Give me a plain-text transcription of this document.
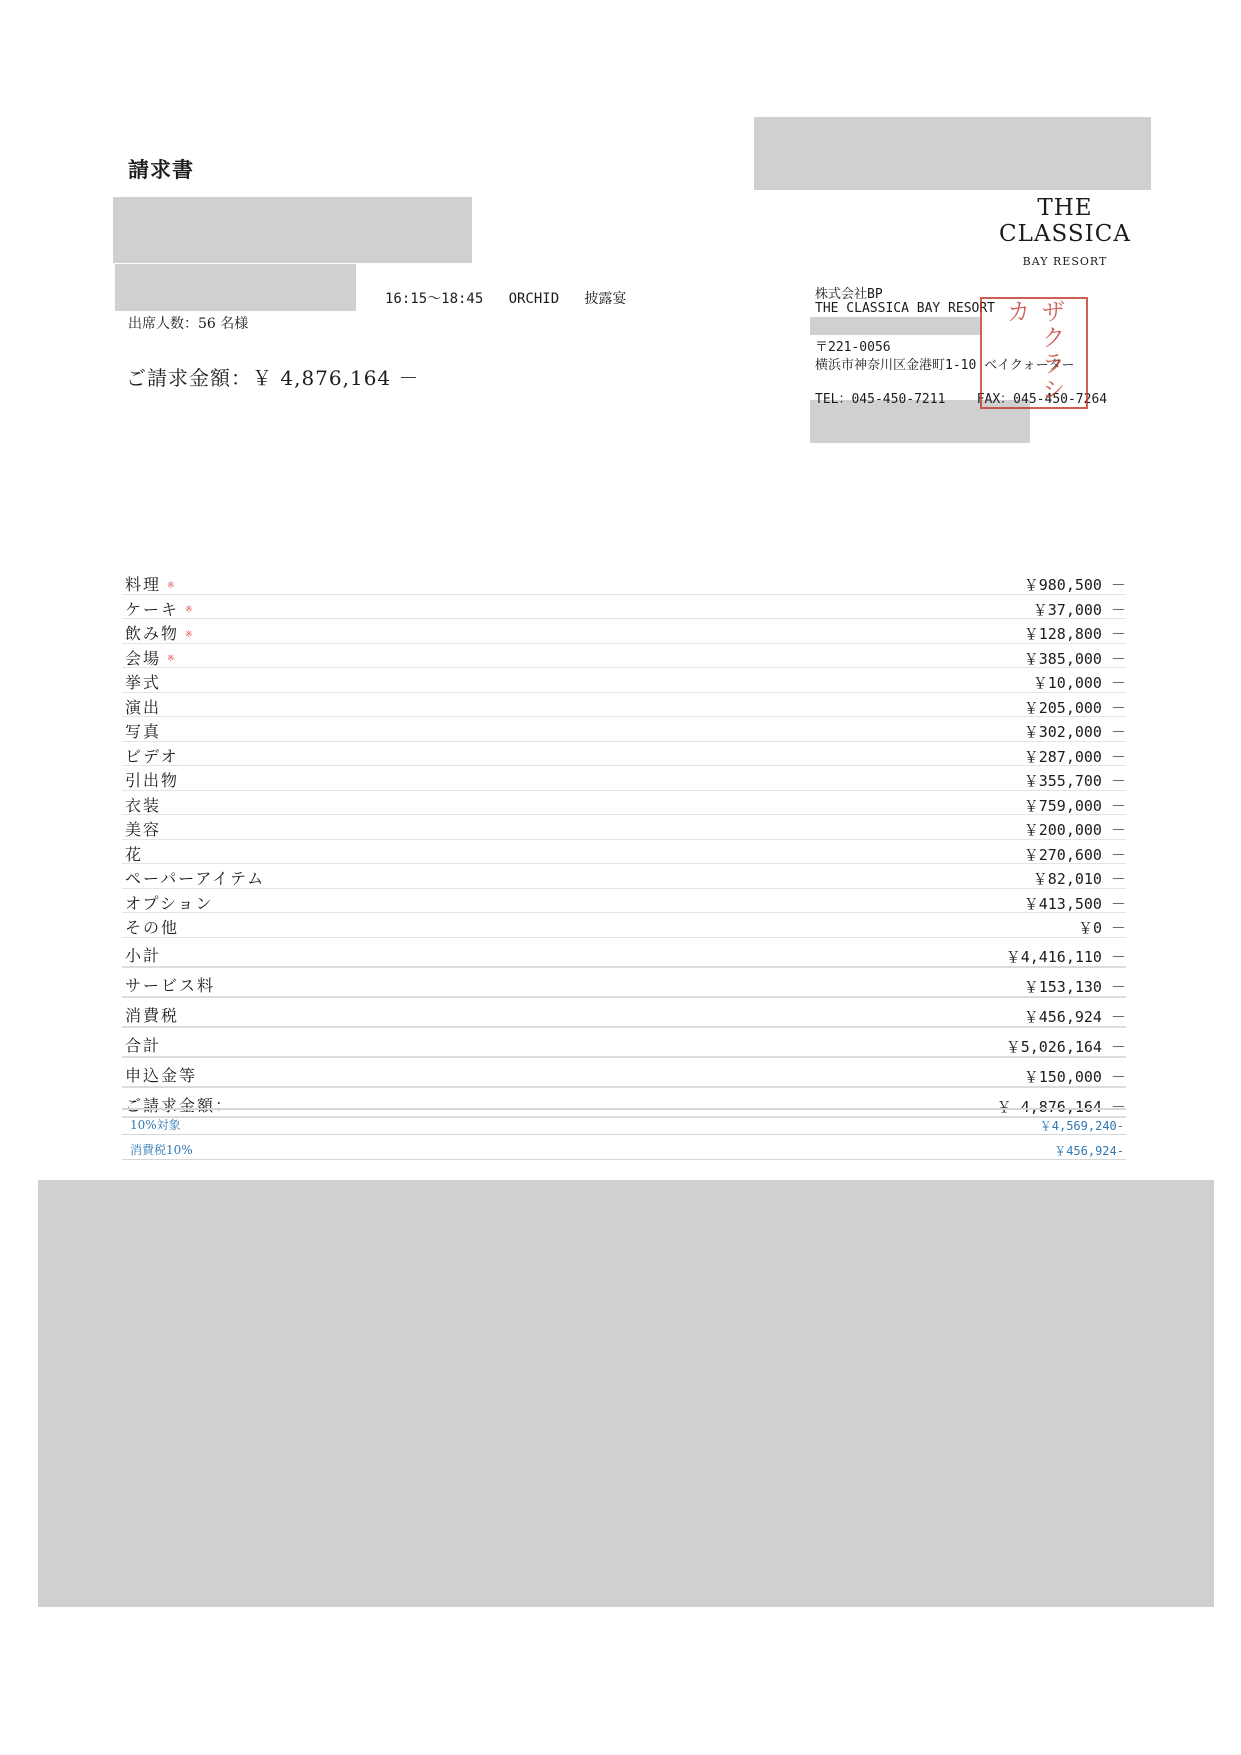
請求書
16:15〜18:45   ORCHID   披露宴
出席人数：56 名様
ご請求金額：￥ 4,876,164 －
THE
CLASSICA
BAY RESORT
株式会社BP
THE CLASSICA BAY RESORT
〒221-0056
横浜市神奈川区金港町1-10 ベイクォーター
TEL：045-450-7211    FAX：045-450-7264
ザクラシカ
料理 ※	￥980,500 －
ケーキ ※	￥37,000 －
飲み物 ※	￥128,800 －
会場 ※	￥385,000 －
挙式	￥10,000 －
演出	￥205,000 －
写真	￥302,000 －
ビデオ	￥287,000 －
引出物	￥355,700 －
衣装	￥759,000 －
美容	￥200,000 －
花	￥270,600 －
ペーパーアイテム	￥82,010 －
オプション	￥413,500 －
その他	￥0 －
小計	￥4,416,110 －
サービス料	￥153,130 －
消費税	￥456,924 －
合計	￥5,026,164 －
申込金等	￥150,000 －
ご請求金額：	￥ 4,876,164 －
10%対象	￥4,569,240-
消費税10%	￥456,924-
